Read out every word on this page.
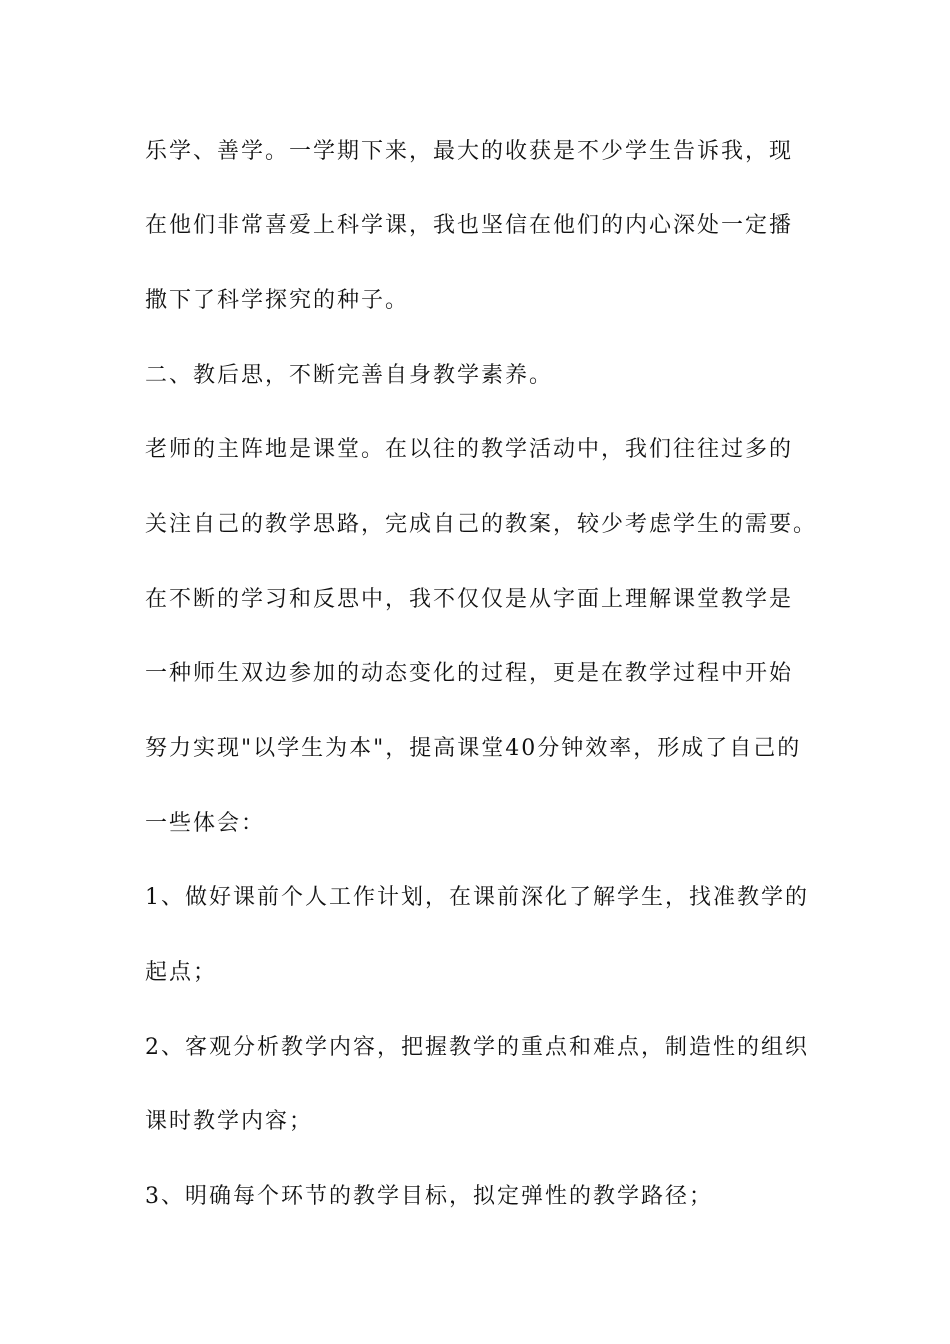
乐学、善学。一学期下来，最大的收获是不少学生告诉我，现
在他们非常喜爱上科学课，我也坚信在他们的内心深处一定播
撒下了科学探究的种子。
二、教后思，不断完善自身教学素养。
老师的主阵地是课堂。在以往的教学活动中，我们往往过多的
关注自己的教学思路，完成自己的教案，较少考虑学生的需要。
在不断的学习和反思中，我不仅仅是从字面上理解课堂教学是
一种师生双边参加的动态变化的过程，更是在教学过程中开始
努力实现"以学生为本"，提高课堂40分钟效率，形成了自己的
一些体会：
1、做好课前个人工作计划，在课前深化了解学生，找准教学的
起点；
2、客观分析教学内容，把握教学的重点和难点，制造性的组织
课时教学内容；
3、明确每个环节的教学目标，拟定弹性的教学路径；
